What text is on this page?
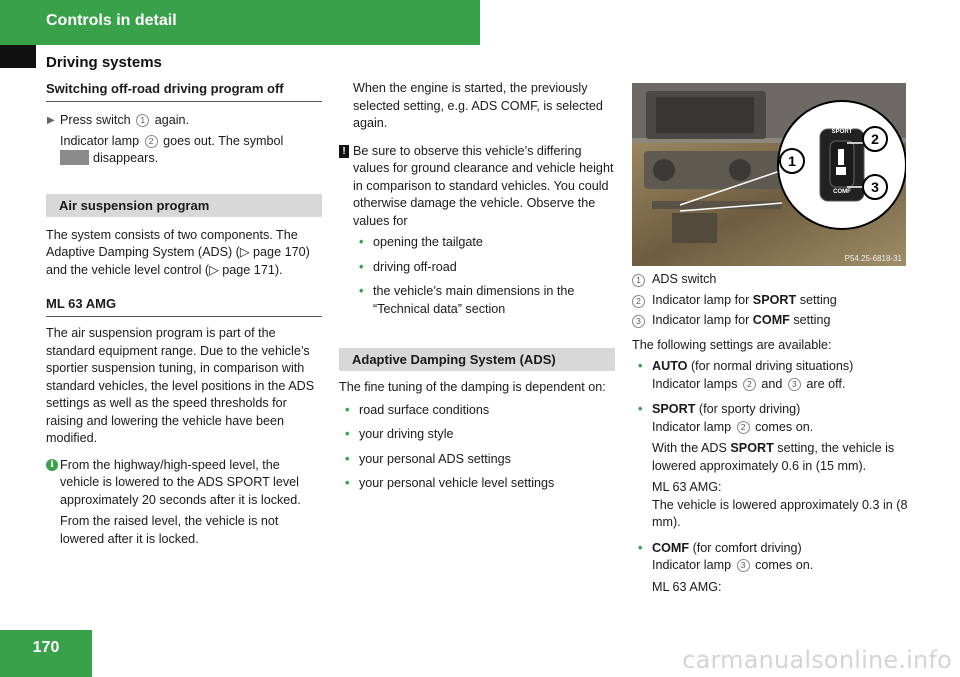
Controls in detail
Driving systems
Switching off-road driving program off
▶ Press switch 1 again.

Indicator lamp 2 goes out. The symbol
disappears.

Air suspension program

The system consists of two components. The Adaptive Damping System (ADS) (▷ page 170) and the vehicle level control (▷ page 171).

ML 63 AMG

The air suspension program is part of the standard equipment range. Due to the vehicle’s sportier suspension tuning, in comparison with standard vehicles, the level positions in the ADS settings as well as the speed thresholds for raising and lowering the vehicle have been modified.

i From the highway/high-speed level, the vehicle is lowered to the ADS SPORT level approximately 20 seconds after it is locked.

From the raised level, the vehicle is not lowered after it is locked.

When the engine is started, the previously selected setting, e.g. ADS COMF, is selected again.

! Be sure to observe this vehicle’s differing values for ground clearance and vehicle height in comparison to standard vehicles. You could otherwise damage the vehicle. Observe the values for

• opening the tailgate

• driving off-road

• the vehicle’s main dimensions in the “Technical data” section

Adaptive Damping System (ADS)

The fine tuning of the damping is dependent on:

• road surface conditions

• your driving style

• your personal ADS settings

• your personal vehicle level settings

SPORT
COMF
1
2
3
P54.25-6818-31
1 ADS switch
2 Indicator lamp for SPORT setting
3 Indicator lamp for COMF setting

The following settings are available:

• AUTO (for normal driving situations)
Indicator lamps 2 and 3 are off.
• SPORT (for sporty driving)
Indicator lamp 2 comes on.

With the ADS SPORT setting, the vehicle is lowered approximately 0.6 in (15 mm).

ML 63 AMG:

The vehicle is lowered approximately 0.3 in (8 mm).

• COMF (for comfort driving)
Indicator lamp 3 comes on.

ML 63 AMG:

170	carmanualsonline.info
